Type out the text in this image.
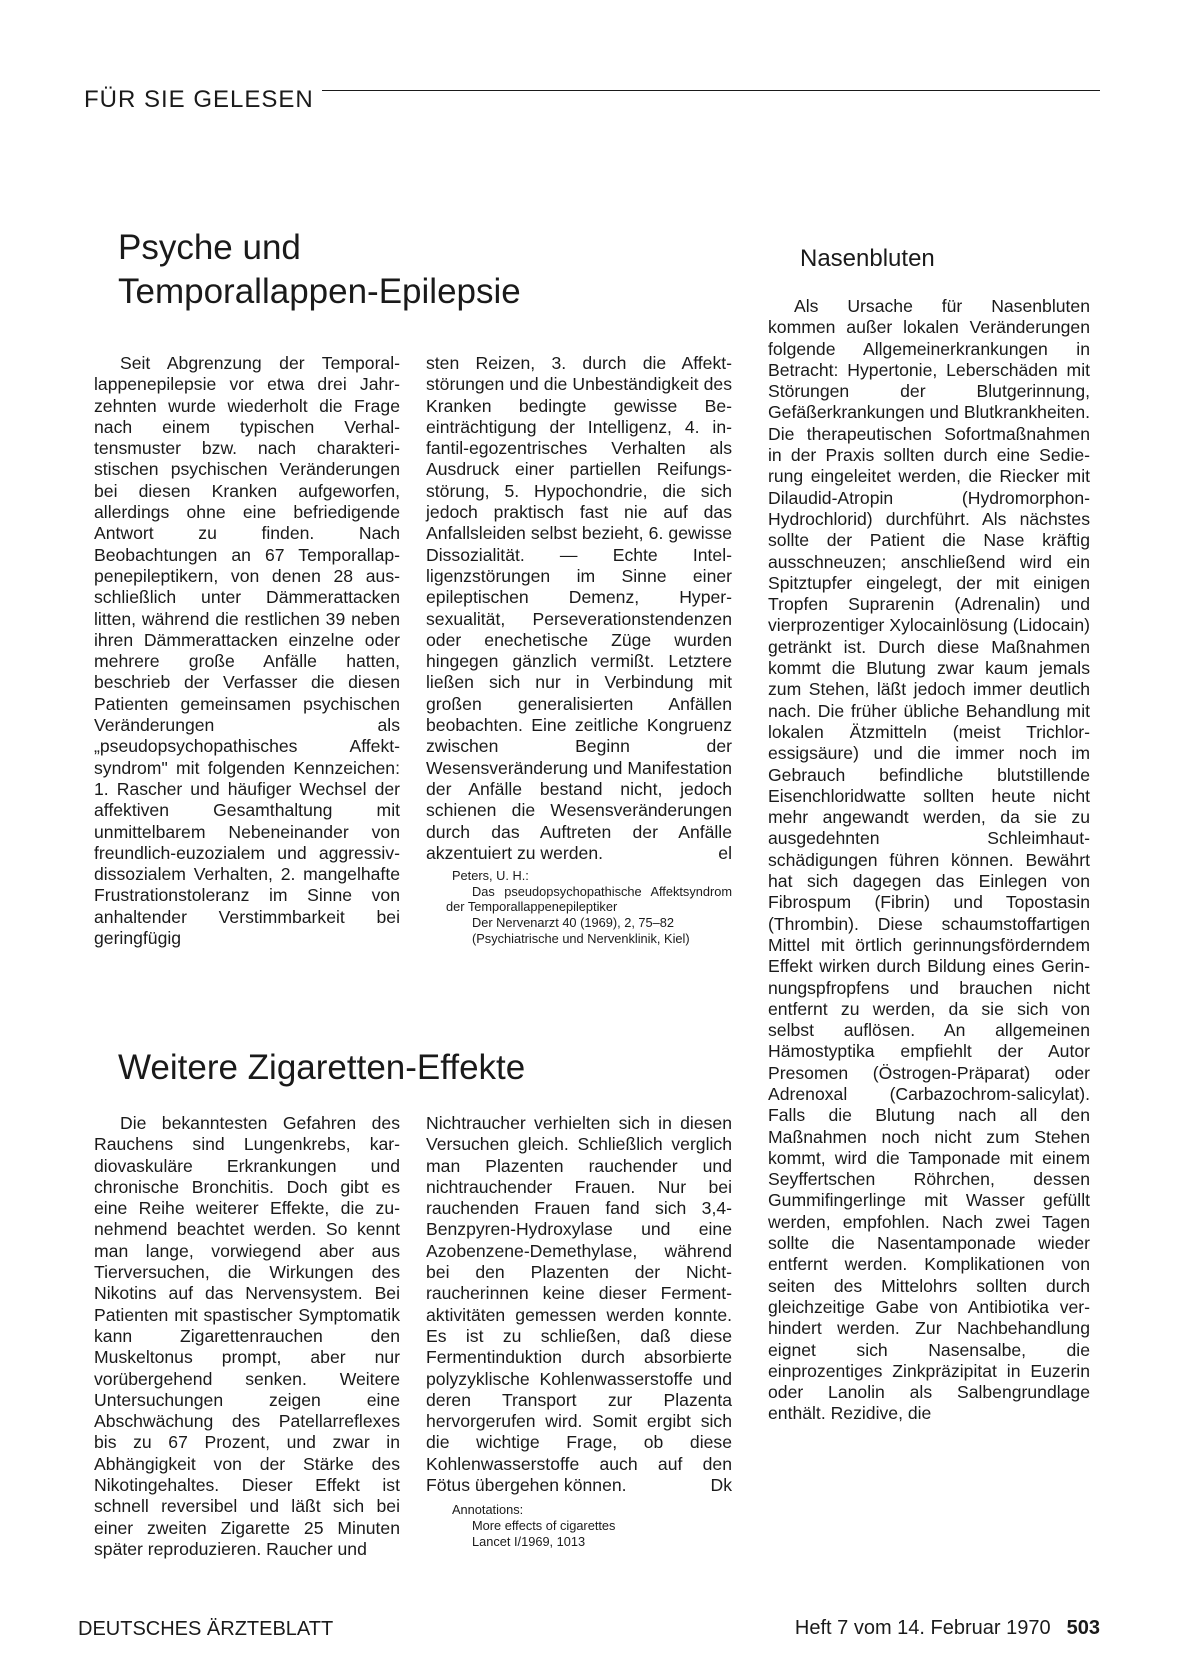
FÜR SIE GELESEN
Psyche und
Temporallappen-Epilepsie

Seit Abgrenzung der Temporallappenepilepsie vor etwa drei Jahrzehnten wurde wiederholt die Frage nach einem typischen Verhaltensmuster bzw. nach charakteristischen psychischen Veränderungen bei diesen Kranken aufgeworfen, allerdings ohne eine befriedigende Antwort zu finden. Nach Beobachtungen an 67 Temporallappenepileptikern, von denen 28 ausschließlich unter Dämmerattacken litten, während die restlichen 39 neben ihren Dämmerattacken einzelne oder mehrere große Anfälle hatten, beschrieb der Verfasser die diesen Patienten gemeinsamen psychischen Veränderungen als „pseudopsychopathisches Affektsyndrom" mit folgenden Kennzeichen: 1. Rascher und häufiger Wechsel der affektiven Gesamthaltung mit unmittelbarem Nebeneinander von freundlich-euzozialem und aggressiv-dissozialem Verhalten, 2. mangelhafte Frustrationstoleranz im Sinne von anhaltender Verstimmbarkeit bei geringfügig

sten Reizen, 3. durch die Affektstörungen und die Unbeständigkeit des Kranken bedingte gewisse Beeinträchtigung der Intelligenz, 4. infantil-egozentrisches Verhalten als Ausdruck einer partiellen Reifungsstörung, 5. Hypochondrie, die sich jedoch praktisch fast nie auf das Anfallsleiden selbst bezieht, 6. gewisse Dissozialität. — Echte Intelligenzstörungen im Sinne einer epileptischen Demenz, Hypersexualität, Perseverationstendenzen oder enechetische Züge wurden hingegen gänzlich vermißt. Letztere ließen sich nur in Verbindung mit großen generalisierten Anfällen beobachten. Eine zeitliche Kongruenz zwischen Beginn der Wesensveränderung und Manifestation der Anfälle bestand nicht, jedoch schienen die Wesensveränderungen durch das Auftreten der Anfälle akzentuiert zu werden.	el

Peters, U. H.:

Das pseudopsychopathische Affektsyndrom der Temporallappenepileptiker

Der Nervenarzt 40 (1969), 2, 75–82

(Psychiatrische und Nervenklinik, Kiel)

Weitere Zigaretten-Effekte

Die bekanntesten Gefahren des Rauchens sind Lungenkrebs, kardiovaskuläre Erkrankungen und chronische Bronchitis. Doch gibt es eine Reihe weiterer Effekte, die zunehmend beachtet werden. So kennt man lange, vorwiegend aber aus Tierversuchen, die Wirkungen des Nikotins auf das Nervensystem. Bei Patienten mit spastischer Symptomatik kann Zigarettenrauchen den Muskeltonus prompt, aber nur vorübergehend senken. Weitere Untersuchungen zeigen eine Abschwächung des Patellarreflexes bis zu 67 Prozent, und zwar in Abhängigkeit von der Stärke des Nikotingehaltes. Dieser Effekt ist schnell reversibel und läßt sich bei einer zweiten Zigarette 25 Minuten später reproduzieren. Raucher und

Nichtraucher verhielten sich in diesen Versuchen gleich. Schließlich verglich man Plazenten rauchender und nichtrauchender Frauen. Nur bei rauchenden Frauen fand sich 3,4-Benzpyren-Hydroxylase und eine Azobenzene-Demethylase, während bei den Plazenten der Nichtraucherinnen keine dieser Fermentaktivitäten gemessen werden konnte. Es ist zu schließen, daß diese Fermentinduktion durch absorbierte polyzyklische Kohlenwasserstoffe und deren Transport zur Plazenta hervorgerufen wird. Somit ergibt sich die wichtige Frage, ob diese Kohlenwasserstoffe auch auf den Fötus übergehen können.	Dk

Annotations:

More effects of cigarettes

Lancet I/1969, 1013

Nasenbluten

Als Ursache für Nasenbluten kommen außer lokalen Veränderungen folgende Allgemeinerkrankungen in Betracht: Hypertonie, Leberschäden mit Störungen der Blutgerinnung, Gefäßerkrankungen und Blutkrankheiten. Die therapeutischen Sofortmaßnahmen in der Praxis sollten durch eine Sedierung eingeleitet werden, die Riecker mit Dilaudid-Atropin (Hydromorphon-Hydrochlorid) durchführt. Als nächstes sollte der Patient die Nase kräftig ausschneuzen; anschließend wird ein Spitztupfer eingelegt, der mit einigen Tropfen Suprarenin (Adrenalin) und vierprozentiger Xylocainlösung (Lidocain) getränkt ist. Durch diese Maßnahmen kommt die Blutung zwar kaum jemals zum Stehen, läßt jedoch immer deutlich nach. Die früher übliche Behandlung mit lokalen Ätzmitteln (meist Trichloressigsäure) und die immer noch im Gebrauch befindliche blutstillende Eisenchloridwatte sollten heute nicht mehr angewandt werden, da sie zu ausgedehnten Schleimhautschädigungen führen können. Bewährt hat sich dagegen das Einlegen von Fibrospum (Fibrin) und Topostasin (Thrombin). Diese schaumstoffartigen Mittel mit örtlich gerinnungsförderndem Effekt wirken durch Bildung eines Gerinnungspfropfens und brauchen nicht entfernt zu werden, da sie sich von selbst auflösen. An allgemeinen Hämostyptika empfiehlt der Autor Presomen (Östrogen-Präparat) oder Adrenoxal (Carbazochrom-salicylat). Falls die Blutung nach all den Maßnahmen noch nicht zum Stehen kommt, wird die Tamponade mit einem Seyffertschen Röhrchen, dessen Gummifingerlinge mit Wasser gefüllt werden, empfohlen. Nach zwei Tagen sollte die Nasentamponade wieder entfernt werden. Komplikationen von seiten des Mittelohrs sollten durch gleichzeitige Gabe von Antibiotika verhindert werden. Zur Nachbehandlung eignet sich Nasensalbe, die einprozentiges Zinkpräzipitat in Euzerin oder Lanolin als Salbengrundlage enthält. Rezidive, die

DEUTSCHES ÄRZTEBLATT	Heft 7 vom 14. Februar 1970 503
